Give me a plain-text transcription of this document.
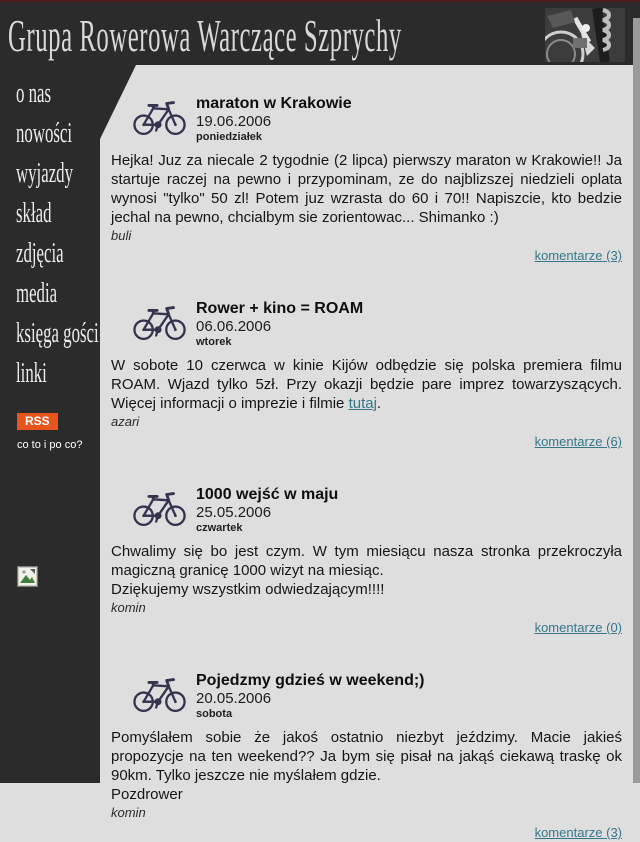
Grupa Rowerowa Warczące Szprychy
o nas
nowości
wyjazdy
skład
zdjęcia
media
księga gości
linki
RSS
co to i po co?
maraton w Krakowie
19.06.2006
poniedziałek
Hejka! Juz za niecale 2 tygodnie (2 lipca) pierwszy maraton w Krakowie!! Ja startuje raczej na pewno i przypominam, ze do najblizszej niedzieli oplata wynosi "tylko" 50 zl! Potem juz wzrasta do 60 i 70!! Napiszcie, kto bedzie jechal na pewno, chcialbym sie zorientowac... Shimanko :)
buli
komentarze (3)
Rower + kino = ROAM
06.06.2006
wtorek
W sobote 10 czerwca w kinie Kijów odbędzie się polska premiera filmu ROAM. Wjazd tylko 5zł. Przy okazji będzie pare imprez towarzyszących. Więcej informacji o imprezie i filmie tutaj.
azari
komentarze (6)
1000 wejść w maju
25.05.2006
czwartek
Chwalimy się bo jest czym. W tym miesiącu nasza stronka przekroczyła magiczną granicę 1000 wizyt na miesiąc.
Dziękujemy wszystkim odwiedzającym!!!!
komin
komentarze (0)
Pojedzmy gdzieś w weekend;)
20.05.2006
sobota
Pomyślałem sobie że jakoś ostatnio niezbyt jeździmy. Macie jakieś propozycje na ten weekend?? Ja bym się pisał na jakąś ciekawą traskę ok 90km. Tylko jeszcze nie myślałem gdzie.
Pozdrower
komin
komentarze (3)
